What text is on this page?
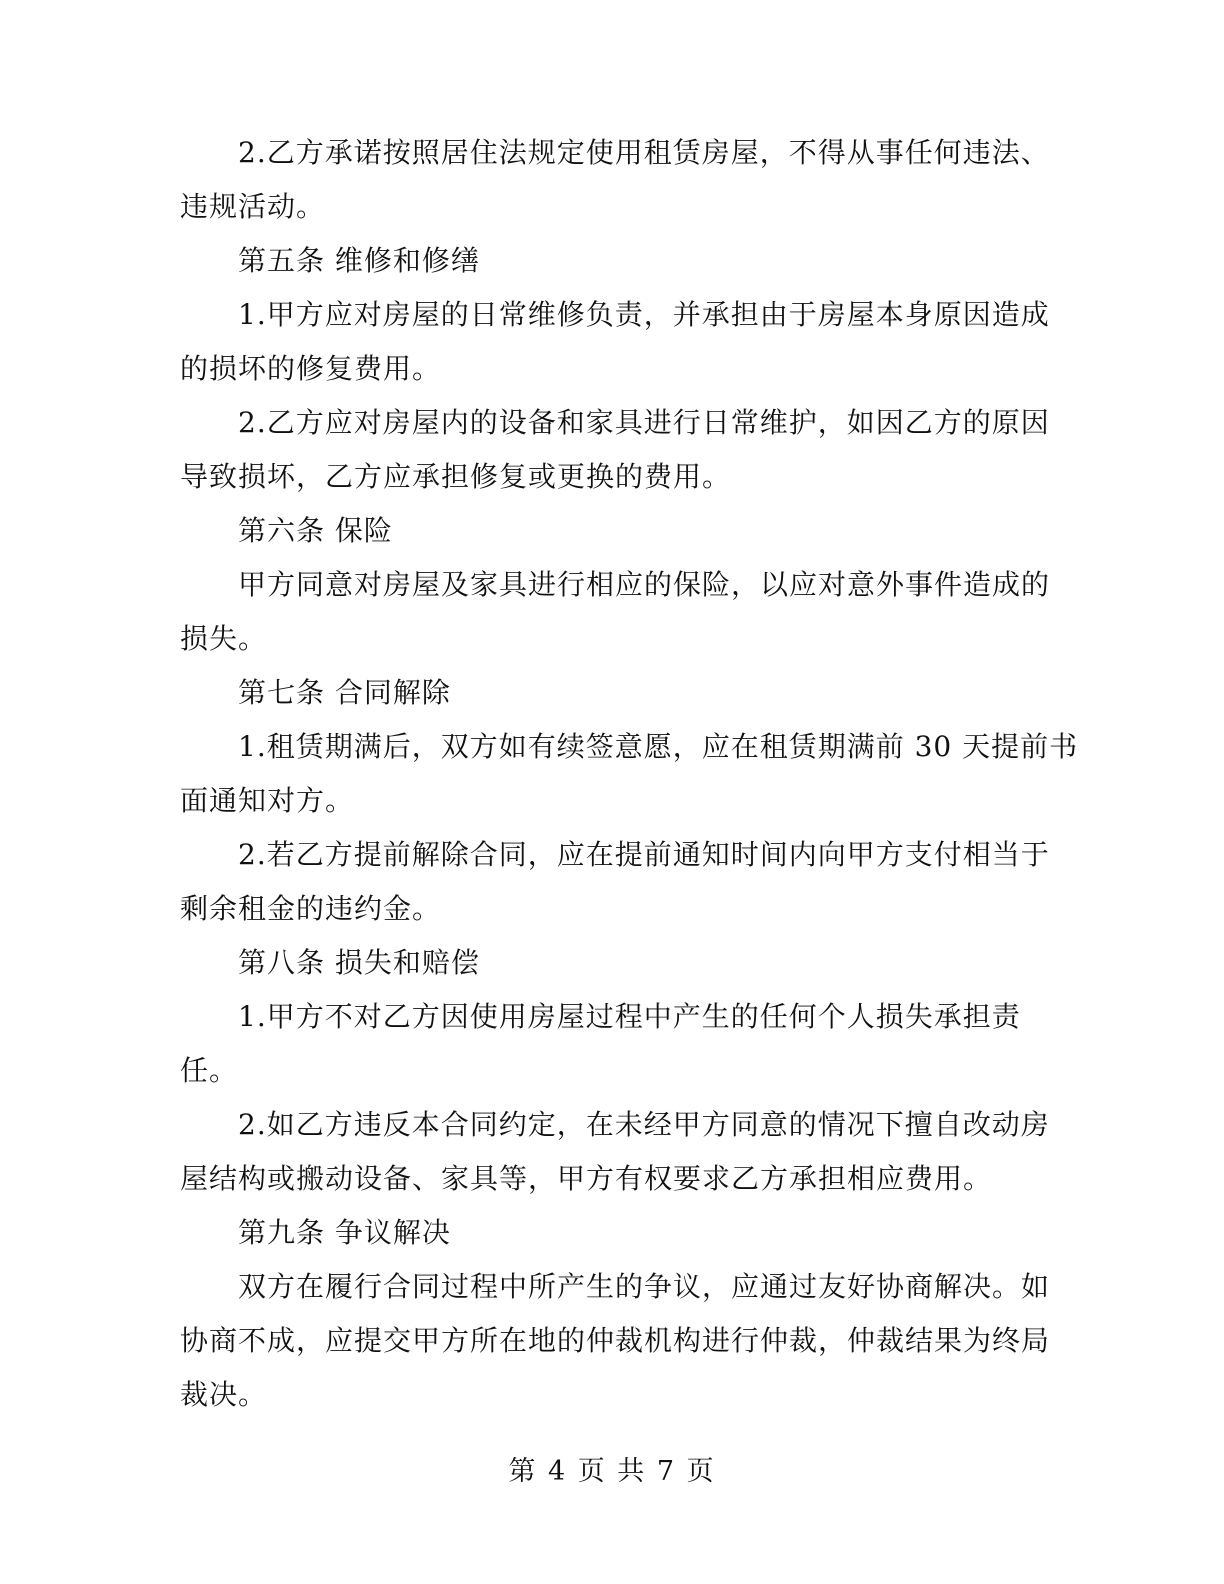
2.乙方承诺按照居住法规定使用租赁房屋，不得从事任何违法、
违规活动。
第五条 维修和修缮
1.甲方应对房屋的日常维修负责，并承担由于房屋本身原因造成
的损坏的修复费用。
2.乙方应对房屋内的设备和家具进行日常维护，如因乙方的原因
导致损坏，乙方应承担修复或更换的费用。
第六条 保险
甲方同意对房屋及家具进行相应的保险，以应对意外事件造成的
损失。
第七条 合同解除
1.租赁期满后，双方如有续签意愿，应在租赁期满前 30 天提前书
面通知对方。
2.若乙方提前解除合同，应在提前通知时间内向甲方支付相当于
剩余租金的违约金。
第八条 损失和赔偿
1.甲方不对乙方因使用房屋过程中产生的任何个人损失承担责
任。
2.如乙方违反本合同约定，在未经甲方同意的情况下擅自改动房
屋结构或搬动设备、家具等，甲方有权要求乙方承担相应费用。
第九条 争议解决
双方在履行合同过程中所产生的争议，应通过友好协商解决。如
协商不成，应提交甲方所在地的仲裁机构进行仲裁，仲裁结果为终局
裁决。
第 4 页 共 7 页
